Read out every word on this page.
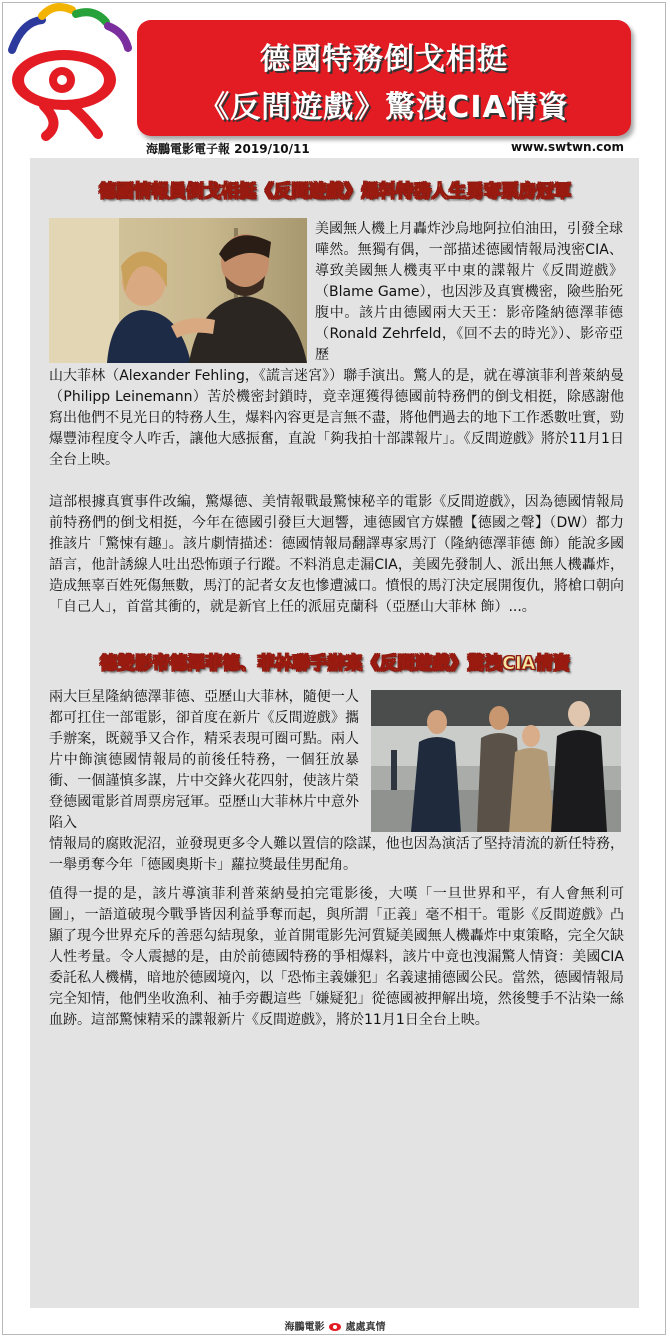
德國特務倒戈相挺
《反間遊戲》驚洩CIA情資
海鵬電影電子報 2019/10/11	www.swtwn.com
德國情報員倒戈相挺《反間遊戲》爆料特務人生勇奪票房冠軍

美國無人機上月轟炸沙烏地阿拉伯油田，引發全球嘩然。無獨有偶，一部描述德國情報局洩密CIA、導致美國無人機夷平中東的諜報片《反間遊戲》（Blame Game），也因涉及真實機密，險些胎死腹中。該片由德國兩大天王：影帝隆納德澤菲德（Ronald Zehrfeld，《回不去的時光》）、影帝亞歷

山大菲林（Alexander Fehling，《謊言迷宮》）聯手演出。驚人的是，就在導演菲利普萊納曼（Philipp Leinemann）苦於機密封鎖時，竟幸運獲得德國前特務們的倒戈相挺，除感謝他寫出他們不見光日的特務人生，爆料內容更是言無不盡，將他們過去的地下工作悉數吐實，勁爆豐沛程度令人咋舌，讓他大感振奮，直說「夠我拍十部諜報片」。《反間遊戲》將於11月1日全台上映。

這部根據真實事件改編，驚爆德、美情報戰最驚悚秘辛的電影《反間遊戲》，因為德國情報局前特務們的倒戈相挺，今年在德國引發巨大迴響，連德國官方媒體【德國之聲】（DW）都力推該片「驚悚有趣」。該片劇情描述：德國情報局翻譯專家馬汀（隆納德澤菲德 飾）能說多國語言，他計誘線人吐出恐怖頭子行蹤。不料消息走漏CIA，美國先發制人、派出無人機轟炸，造成無辜百姓死傷無數，馬汀的記者女友也慘遭滅口。憤恨的馬汀決定展開復仇，將槍口朝向「自己人」，首當其衝的，就是新官上任的派屈克蘭科（亞歷山大菲林 飾）...。

德雙影帝德澤菲德、菲林聯手辦案《反間遊戲》驚洩CIA情資

兩大巨星隆納德澤菲德、亞歷山大菲林，隨便一人都可扛住一部電影，卻首度在新片《反間遊戲》攜手辦案，既競爭又合作，精采表現可圈可點。兩人片中飾演德國情報局的前後任特務，一個狂放暴衝、一個謹慎多謀，片中交鋒火花四射，使該片榮登德國電影首周票房冠軍。亞歷山大菲林片中意外陷入

情報局的腐敗泥沼，並發現更多令人難以置信的陰謀，他也因為演活了堅持清流的新任特務，一舉勇奪今年「德國奧斯卡」蘿拉獎最佳男配角。

值得一提的是，該片導演菲利普萊納曼拍完電影後，大嘆「一旦世界和平，有人會無利可圖」，一語道破現今戰爭皆因利益爭奪而起，與所謂「正義」毫不相干。電影《反間遊戲》凸顯了現今世界充斥的善惡勾結現象，並首開電影先河質疑美國無人機轟炸中東策略，完全欠缺人性考量。令人震撼的是，由於前德國特務的爭相爆料，該片中竟也洩漏驚人情資：美國CIA委託私人機構，暗地於德國境內，以「恐怖主義嫌犯」名義逮捕德國公民。當然，德國情報局完全知情，他們坐收漁利、袖手旁觀這些「嫌疑犯」從德國被押解出境，然後雙手不沾染一絲血跡。這部驚悚精采的諜報新片《反間遊戲》，將於11月1日全台上映。

海鵬電影 處處真情
